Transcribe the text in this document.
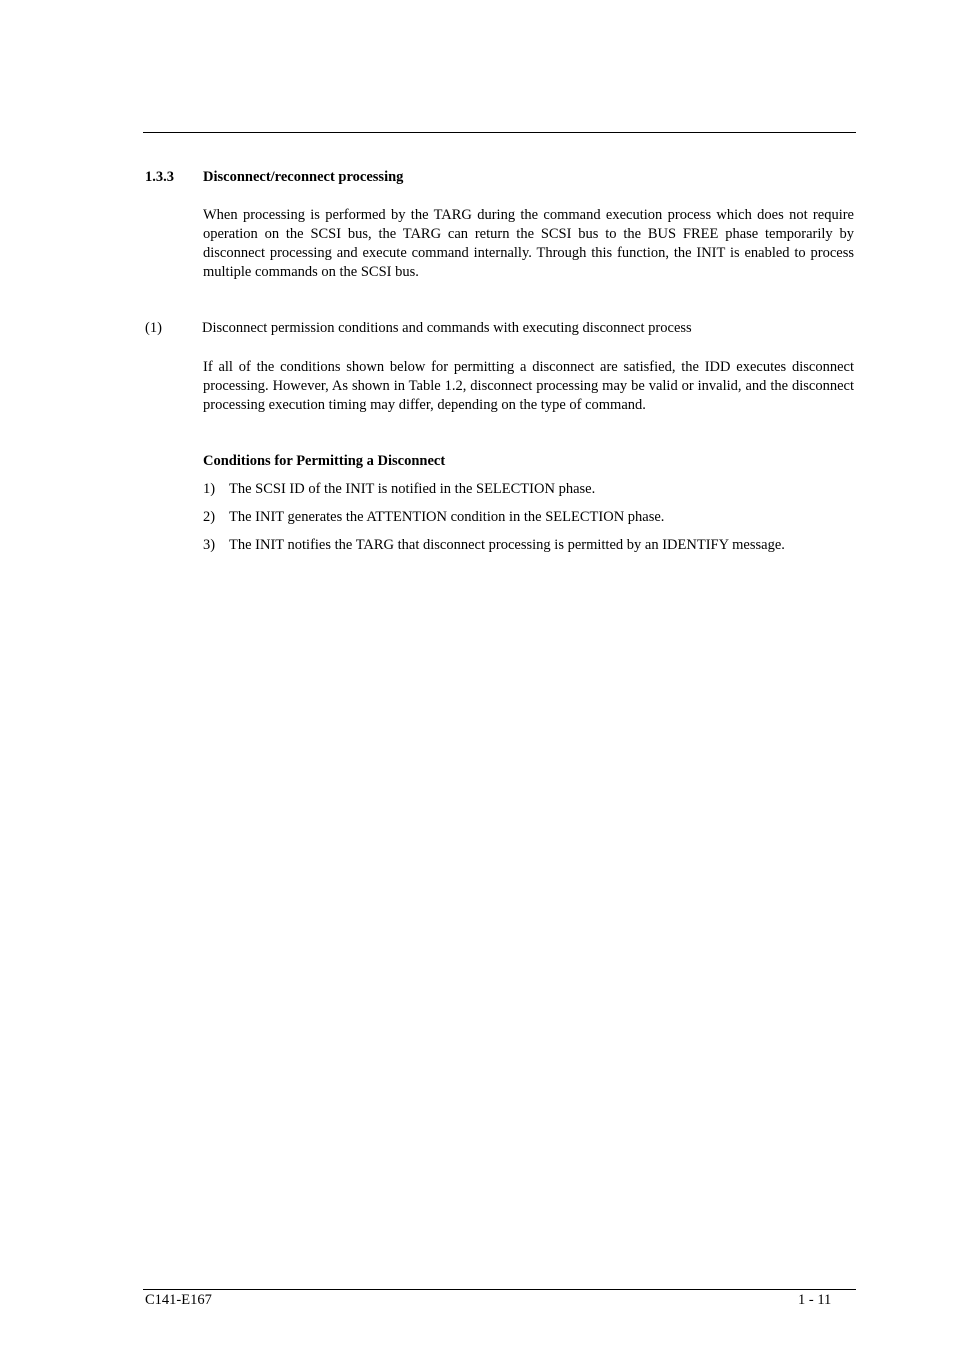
1.3.3 Disconnect/reconnect processing
When processing is performed by the TARG during the command execution process which does not require operation on the SCSI bus, the TARG can return the SCSI bus to the BUS FREE phase temporarily by disconnect processing and execute command internally. Through this function, the INIT is enabled to process multiple commands on the SCSI bus.
(1)	Disconnect permission conditions and commands with executing disconnect process
If all of the conditions shown below for permitting a disconnect are satisfied, the IDD executes disconnect processing. However, As shown in Table 1.2, disconnect processing may be valid or invalid, and the disconnect processing execution timing may differ, depending on the type of command.
Conditions for Permitting a Disconnect
1) The SCSI ID of the INIT is notified in the SELECTION phase.
2) The INIT generates the ATTENTION condition in the SELECTION phase.
3) The INIT notifies the TARG that disconnect processing is permitted by an IDENTIFY message.
C141-E167	1 - 11
